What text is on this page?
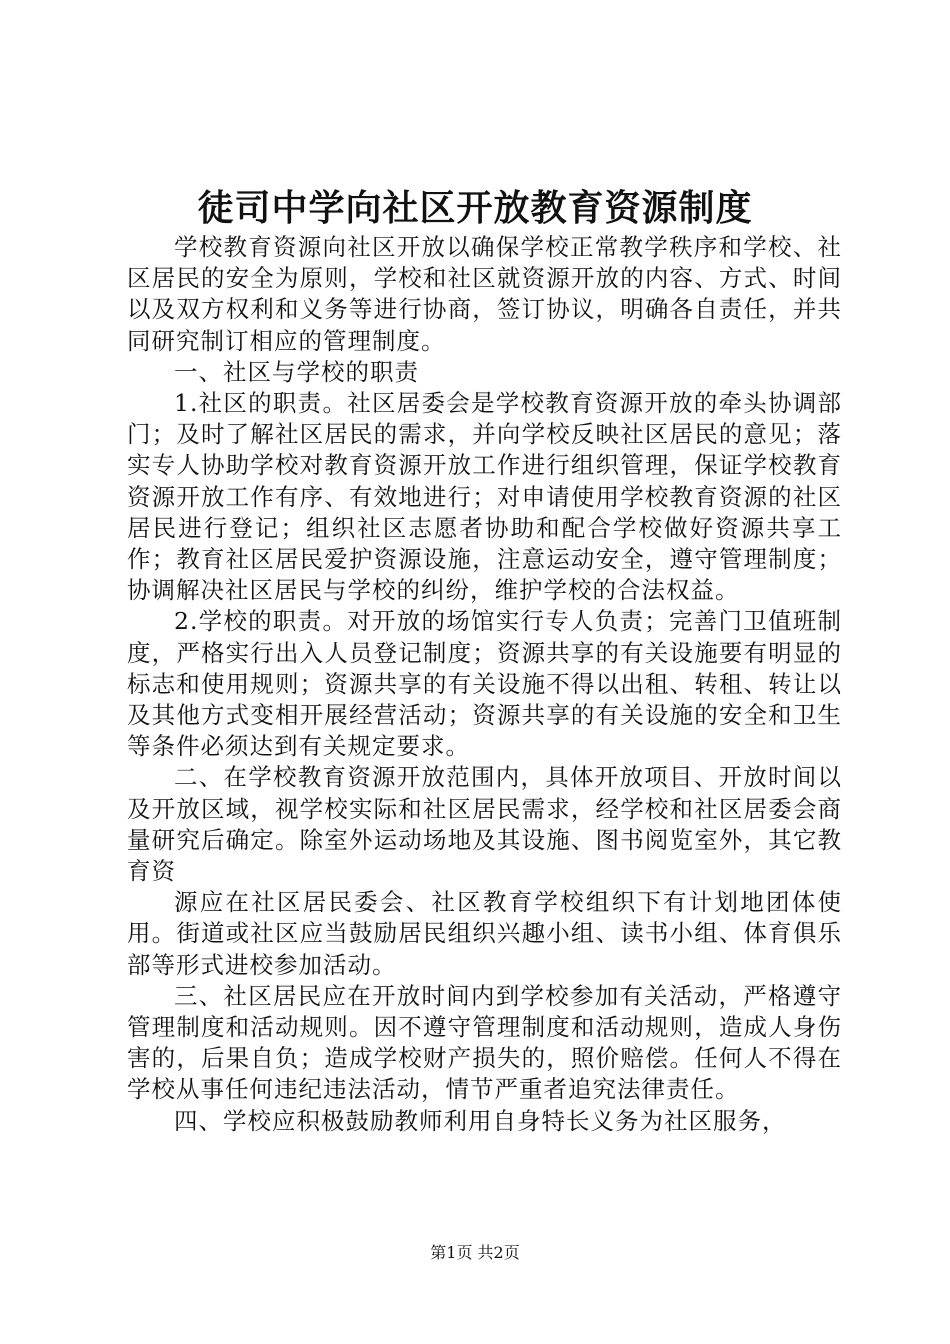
徒司中学向社区开放教育资源制度

学校教育资源向社区开放以确保学校正常教学秩序和学校、社区居民的安全为原则，学校和社区就资源开放的内容、方式、时间以及双方权利和义务等进行协商，签订协议，明确各自责任，并共同研究制订相应的管理制度。

一、社区与学校的职责

1.社区的职责。社区居委会是学校教育资源开放的牵头协调部门；及时了解社区居民的需求，并向学校反映社区居民的意见；落实专人协助学校对教育资源开放工作进行组织管理，保证学校教育资源开放工作有序、有效地进行；对申请使用学校教育资源的社区居民进行登记；组织社区志愿者协助和配合学校做好资源共享工作；教育社区居民爱护资源设施，注意运动安全，遵守管理制度；协调解决社区居民与学校的纠纷，维护学校的合法权益。

2.学校的职责。对开放的场馆实行专人负责；完善门卫值班制度，严格实行出入人员登记制度；资源共享的有关设施要有明显的标志和使用规则；资源共享的有关设施不得以出租、转租、转让以及其他方式变相开展经营活动；资源共享的有关设施的安全和卫生等条件必须达到有关规定要求。

二、在学校教育资源开放范围内，具体开放项目、开放时间以及开放区域，视学校实际和社区居民需求，经学校和社区居委会商量研究后确定。除室外运动场地及其设施、图书阅览室外，其它教育资

源应在社区居民委会、社区教育学校组织下有计划地团体使用。街道或社区应当鼓励居民组织兴趣小组、读书小组、体育俱乐部等形式进校参加活动。

三、社区居民应在开放时间内到学校参加有关活动，严格遵守管理制度和活动规则。因不遵守管理制度和活动规则，造成人身伤害的，后果自负；造成学校财产损失的，照价赔偿。任何人不得在学校从事任何违纪违法活动，情节严重者追究法律责任。

四、学校应积极鼓励教师利用自身特长义务为社区服务，

第1页 共2页
